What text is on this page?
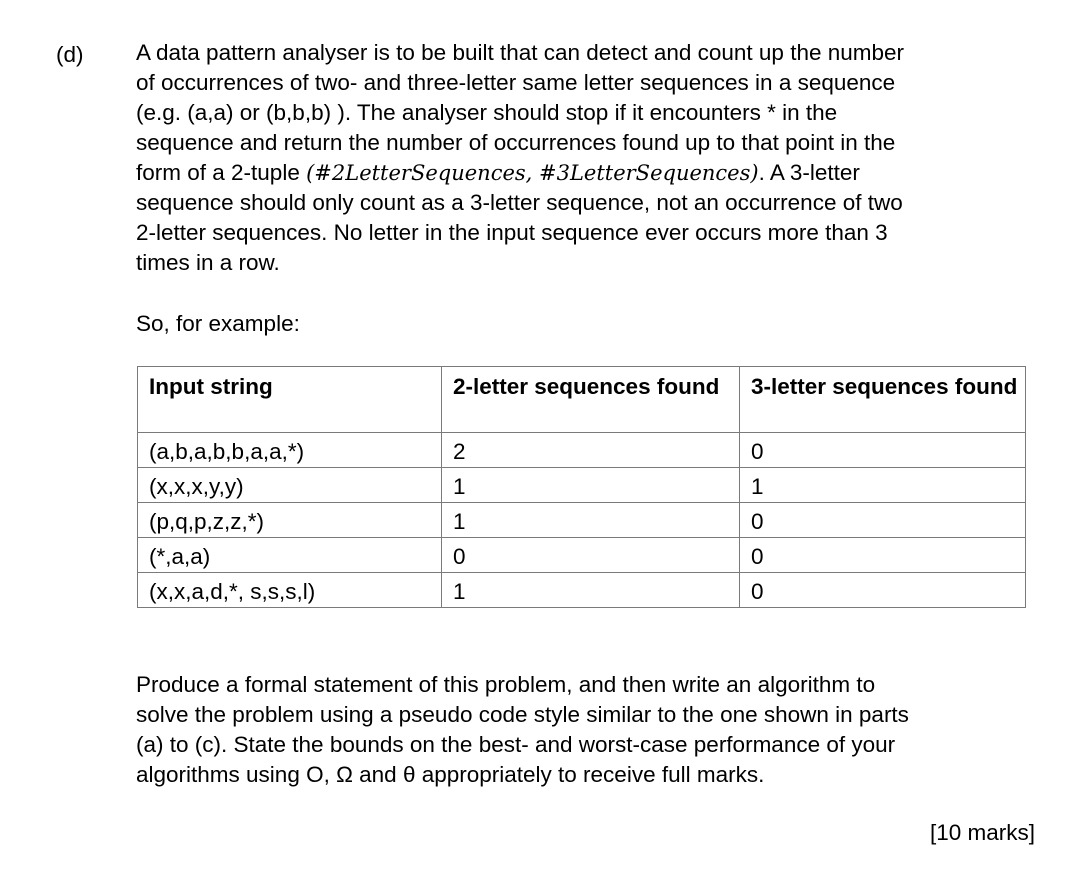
(d) A data pattern analyser is to be built that can detect and count up the number
of occurrences of two- and three-letter same letter sequences in a sequence
(e.g. (a,a) or (b,b,b) ). The analyser should stop if it encounters * in the
sequence and return the number of occurrences found up to that point in the
form of a 2-tuple (#2LetterSequences, #3LetterSequences). A 3-letter
sequence should only count as a 3-letter sequence, not an occurrence of two
2-letter sequences. No letter in the input sequence ever occurs more than 3
times in a row.
So, for example:
Input string	2-letter sequences found	3-letter sequences found
(a,b,a,b,b,a,a,*)	2	0
(x,x,x,y,y)	1	1
(p,q,p,z,z,*)	1	0
(*,a,a)	0	0
(x,x,a,d,*, s,s,s,l)	1	0
Produce a formal statement of this problem, and then write an algorithm to
solve the problem using a pseudo code style similar to the one shown in parts
(a) to (c). State the bounds on the best- and worst-case performance of your
algorithms using O, Ω and θ appropriately to receive full marks.
[10 marks]
